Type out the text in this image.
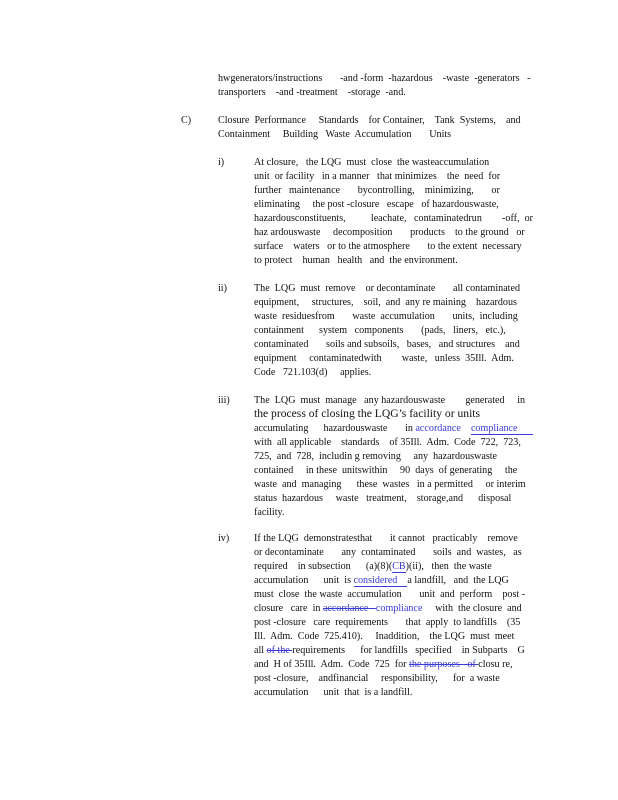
hwgenerators/instructions       -and -form  -hazardous    -waste  -generators   -
transporters    -and -treatment    -storage  -and.
C)	Closure  Performance     Standards    for Container,    Tank  Systems,    and
Containment     Building   Waste  Accumulation       Units
i)	At closure,   the LQG  must  close  the wasteaccumulation
unit  or facility   in a manner   that minimizes    the  need  for
further   maintenance       bycontrolling,    minimizing,       or
eliminating     the post -closure   escape   of hazardouswaste,
hazardousconstituents,          leachate,   contaminatedrun        -off,  or
haz ardouswaste     decomposition       products    to the ground   or
surface    waters   or to the atmosphere       to the extent  necessary
to protect    human   health   and  the environment.
ii)	The  LQG  must  remove    or decontaminate       all contaminated
equipment,     structures,    soil,  and  any re maining    hazardous
waste  residuesfrom       waste  accumulation       units,  including
containment      system   components       (pads,   liners,   etc.),
contaminated       soils and subsoils,   bases,   and structures    and
equipment     contaminatedwith        waste,   unless  35Ill.  Adm.
Code   721.103(d)     applies.
iii) The  LQG  must  manage   any hazardouswaste        generated     in
the process of closing the LQG’s facility or units
accumulating      hazardouswaste       in accordance compliance
with  all applicable    standards    of 35Ill.  Adm.  Code  722,  723,
725,  and  728,  includin g removing     any  hazardouswaste
contained     in these  unitswithin     90  days  of generating     the
waste  and  managing      these  wastes   in a permitted     or interim
status  hazardous     waste   treatment,    storage,and      disposal
facility.
iv) If the LQG  demonstratesthat       it cannot   practicably    remove
or decontaminate       any  contaminated       soils  and  wastes,   as
required    in subsection      (a)(8)(CB)(ii),   then  the waste
accumulation      unit  is considered a landfill,   and  the LQG
must  close  the waste  accumulation       unit  and  perform    post -
closure   care  in accordance compliance     with  the closure  and
post -closure   care  requirements       that  apply  to landfills    (35
Ill.  Adm.  Code  725.410).     Inaddition,    the LQG  must  meet
all of the requirements      for landfills   specified    in Subparts    G
and  H of 35Ill.  Adm.  Code  725  for the purposes   of closu re,
post -closure,    andfinancial     responsibility,      for  a waste
accumulation      unit  that  is a landfill.
